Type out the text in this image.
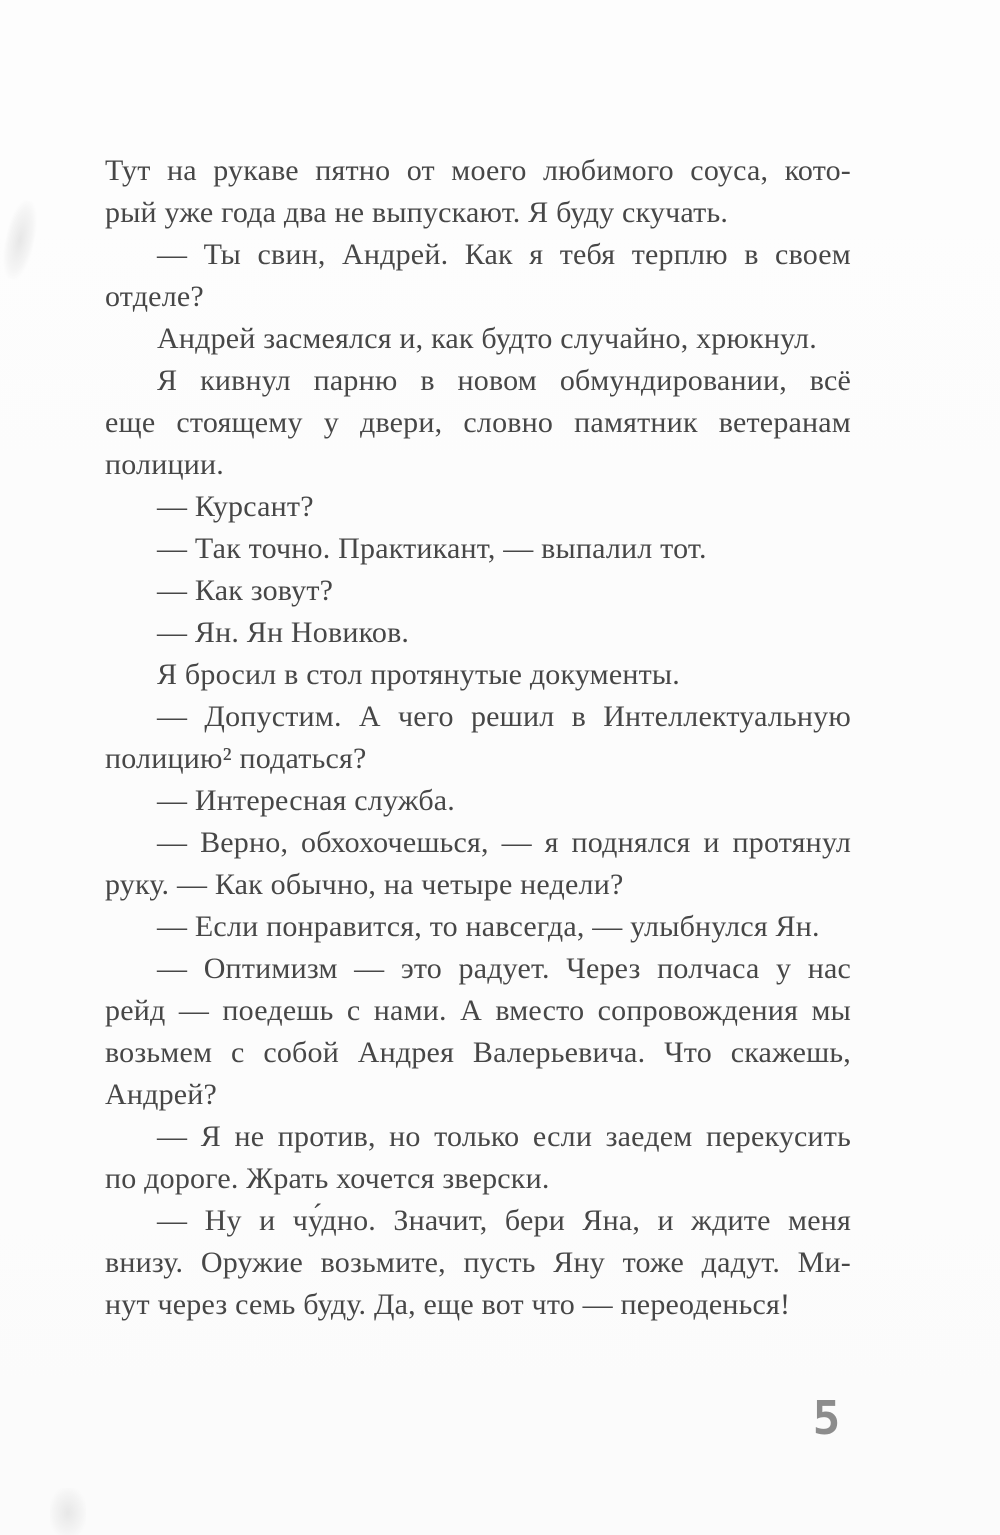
Тут на рукаве пятно от моего любимого соуса, кото-
рый уже года два не выпускают. Я буду скучать.
— Ты свин, Андрей. Как я тебя терплю в своем
отделе?
Андрей засмеялся и, как будто случайно, хрюкнул.
Я кивнул парню в новом обмундировании, всё
еще стоящему у двери, словно памятник ветеранам
полиции.
— Курсант?
— Так точно. Практикант, — выпалил тот.
— Как зовут?
— Ян. Ян Новиков.
Я бросил в стол протянутые документы.
— Допустим. А чего решил в Интеллектуальную
полицию² податься?
— Интересная служба.
— Верно, обхохочешься, — я поднялся и протянул
руку. — Как обычно, на четыре недели?
— Если понравится, то навсегда, — улыбнулся Ян.
— Оптимизм — это радует. Через полчаса у нас
рейд — поедешь с нами. А вместо сопровождения мы
возьмем с собой Андрея Валерьевича. Что скажешь,
Андрей?
— Я не против, но только если заедем перекусить
по дороге. Жрать хочется зверски.
— Ну и чу́дно. Значит, бери Яна, и ждите меня
внизу. Оружие возьмите, пусть Яну тоже дадут. Ми-
нут через семь буду. Да, еще вот что — переоденься!
5
